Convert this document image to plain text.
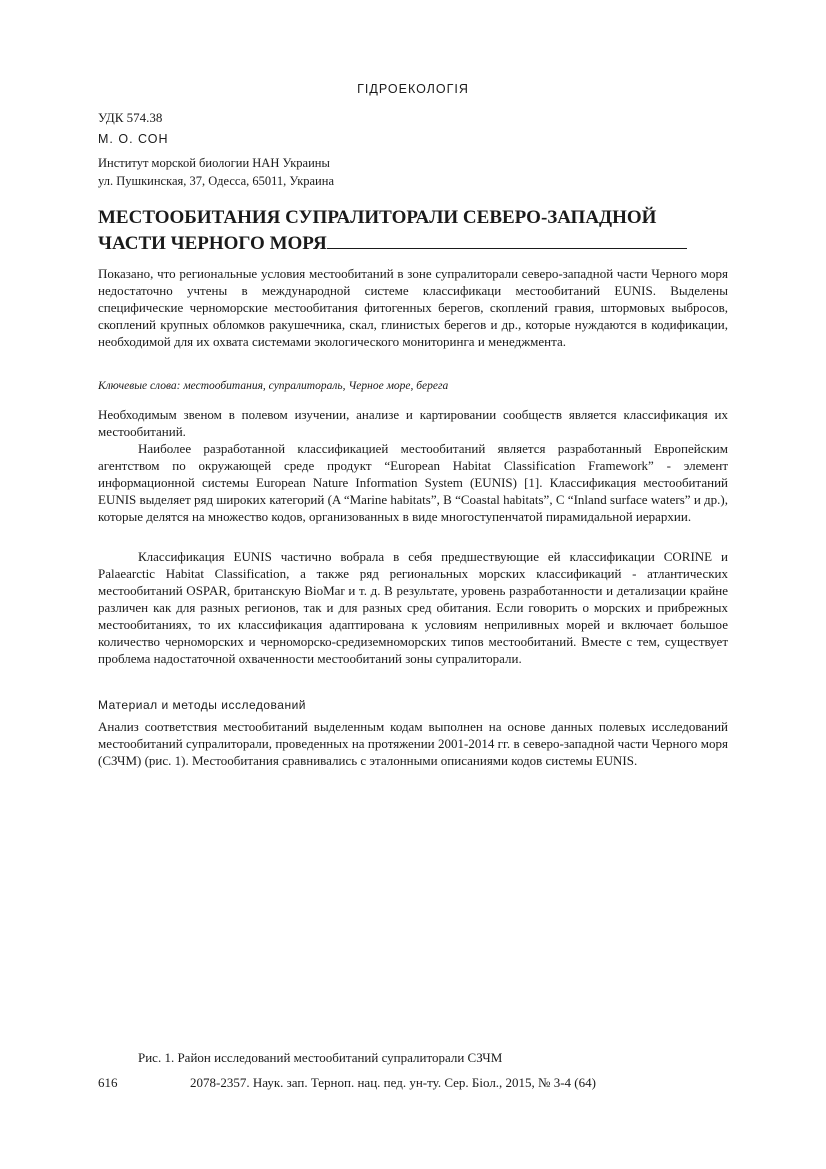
ГІДРОЕКОЛОГІЯ
УДК 574.38
М. О. СОН
Институт морской биологии НАН Украины
ул. Пушкинская, 37, Одесса, 65011, Украина
МЕСТООБИТАНИЯ СУПРАЛИТОРАЛИ СЕВЕРО-ЗАПАДНОЙ
ЧАСТИ ЧЕРНОГО МОРЯ
Показано, что региональные условия местообитаний в зоне супралиторали северо-западной части Черного моря недостаточно учтены в международной системе классификаци местообитаний EUNIS. Выделены специфические черноморские местообитания фитогенных берегов, скоплений гравия, штормовых выбросов, скоплений крупных обломков ракушечника, скал, глинистых берегов и др., которые нуждаются в кодификации, необходимой для их охвата системами экологического мониторинга и менеджмента.
Ключевые слова: местообитания, супралитораль, Черное море, берега
Необходимым звеном в полевом изучении, анализе и картировании сообществ является классификация их местообитаний.
Наиболее разработанной классификацией местообитаний является разработанный Европейским агентством по окружающей среде продукт “European Habitat Classification Framework” - элемент информационной системы European Nature Information System (EUNIS) [1]. Классификация местообитаний EUNIS выделяет ряд широких категорий (A “Marine habitats”, B “Coastal habitats”, C “Inland surface waters” и др.), которые делятся на множество кодов, организованных в виде многоступенчатой пирамидальной иерархии.
Классификация EUNIS частично вобрала в себя предшествующие ей классификации CORINE и Palaearctic Habitat Classification, а также ряд региональных морских классификаций - атлантических местообитаний OSPAR, британскую BioMar и т. д. В результате, уровень разработанности и детализации крайне различен как для разных регионов, так и для разных сред обитания. Если говорить о морских и прибрежных местообитаниях, то их классификация адаптирована к условиям неприливных морей и включает большое количество черноморских и черноморско-средиземноморских типов местообитаний. Вместе с тем, существует проблема надостаточной охваченности местообитаний зоны супралиторали.
Материал и методы исследований
Анализ соответствия местообитаний выделенным кодам выполнен на основе данных полевых исследований местообитаний супралиторали, проведенных на протяжении 2001-2014 гг. в северо-западной части Черного моря (СЗЧМ) (рис. 1). Местообитания сравнивались с эталонными описаниями кодов системы EUNIS.
Рис. 1. Район исследований местообитаний супралиторали СЗЧМ
616	2078-2357. Наук. зап. Терноп. нац. пед. ун-ту. Сер. Біол., 2015, № 3-4 (64)
